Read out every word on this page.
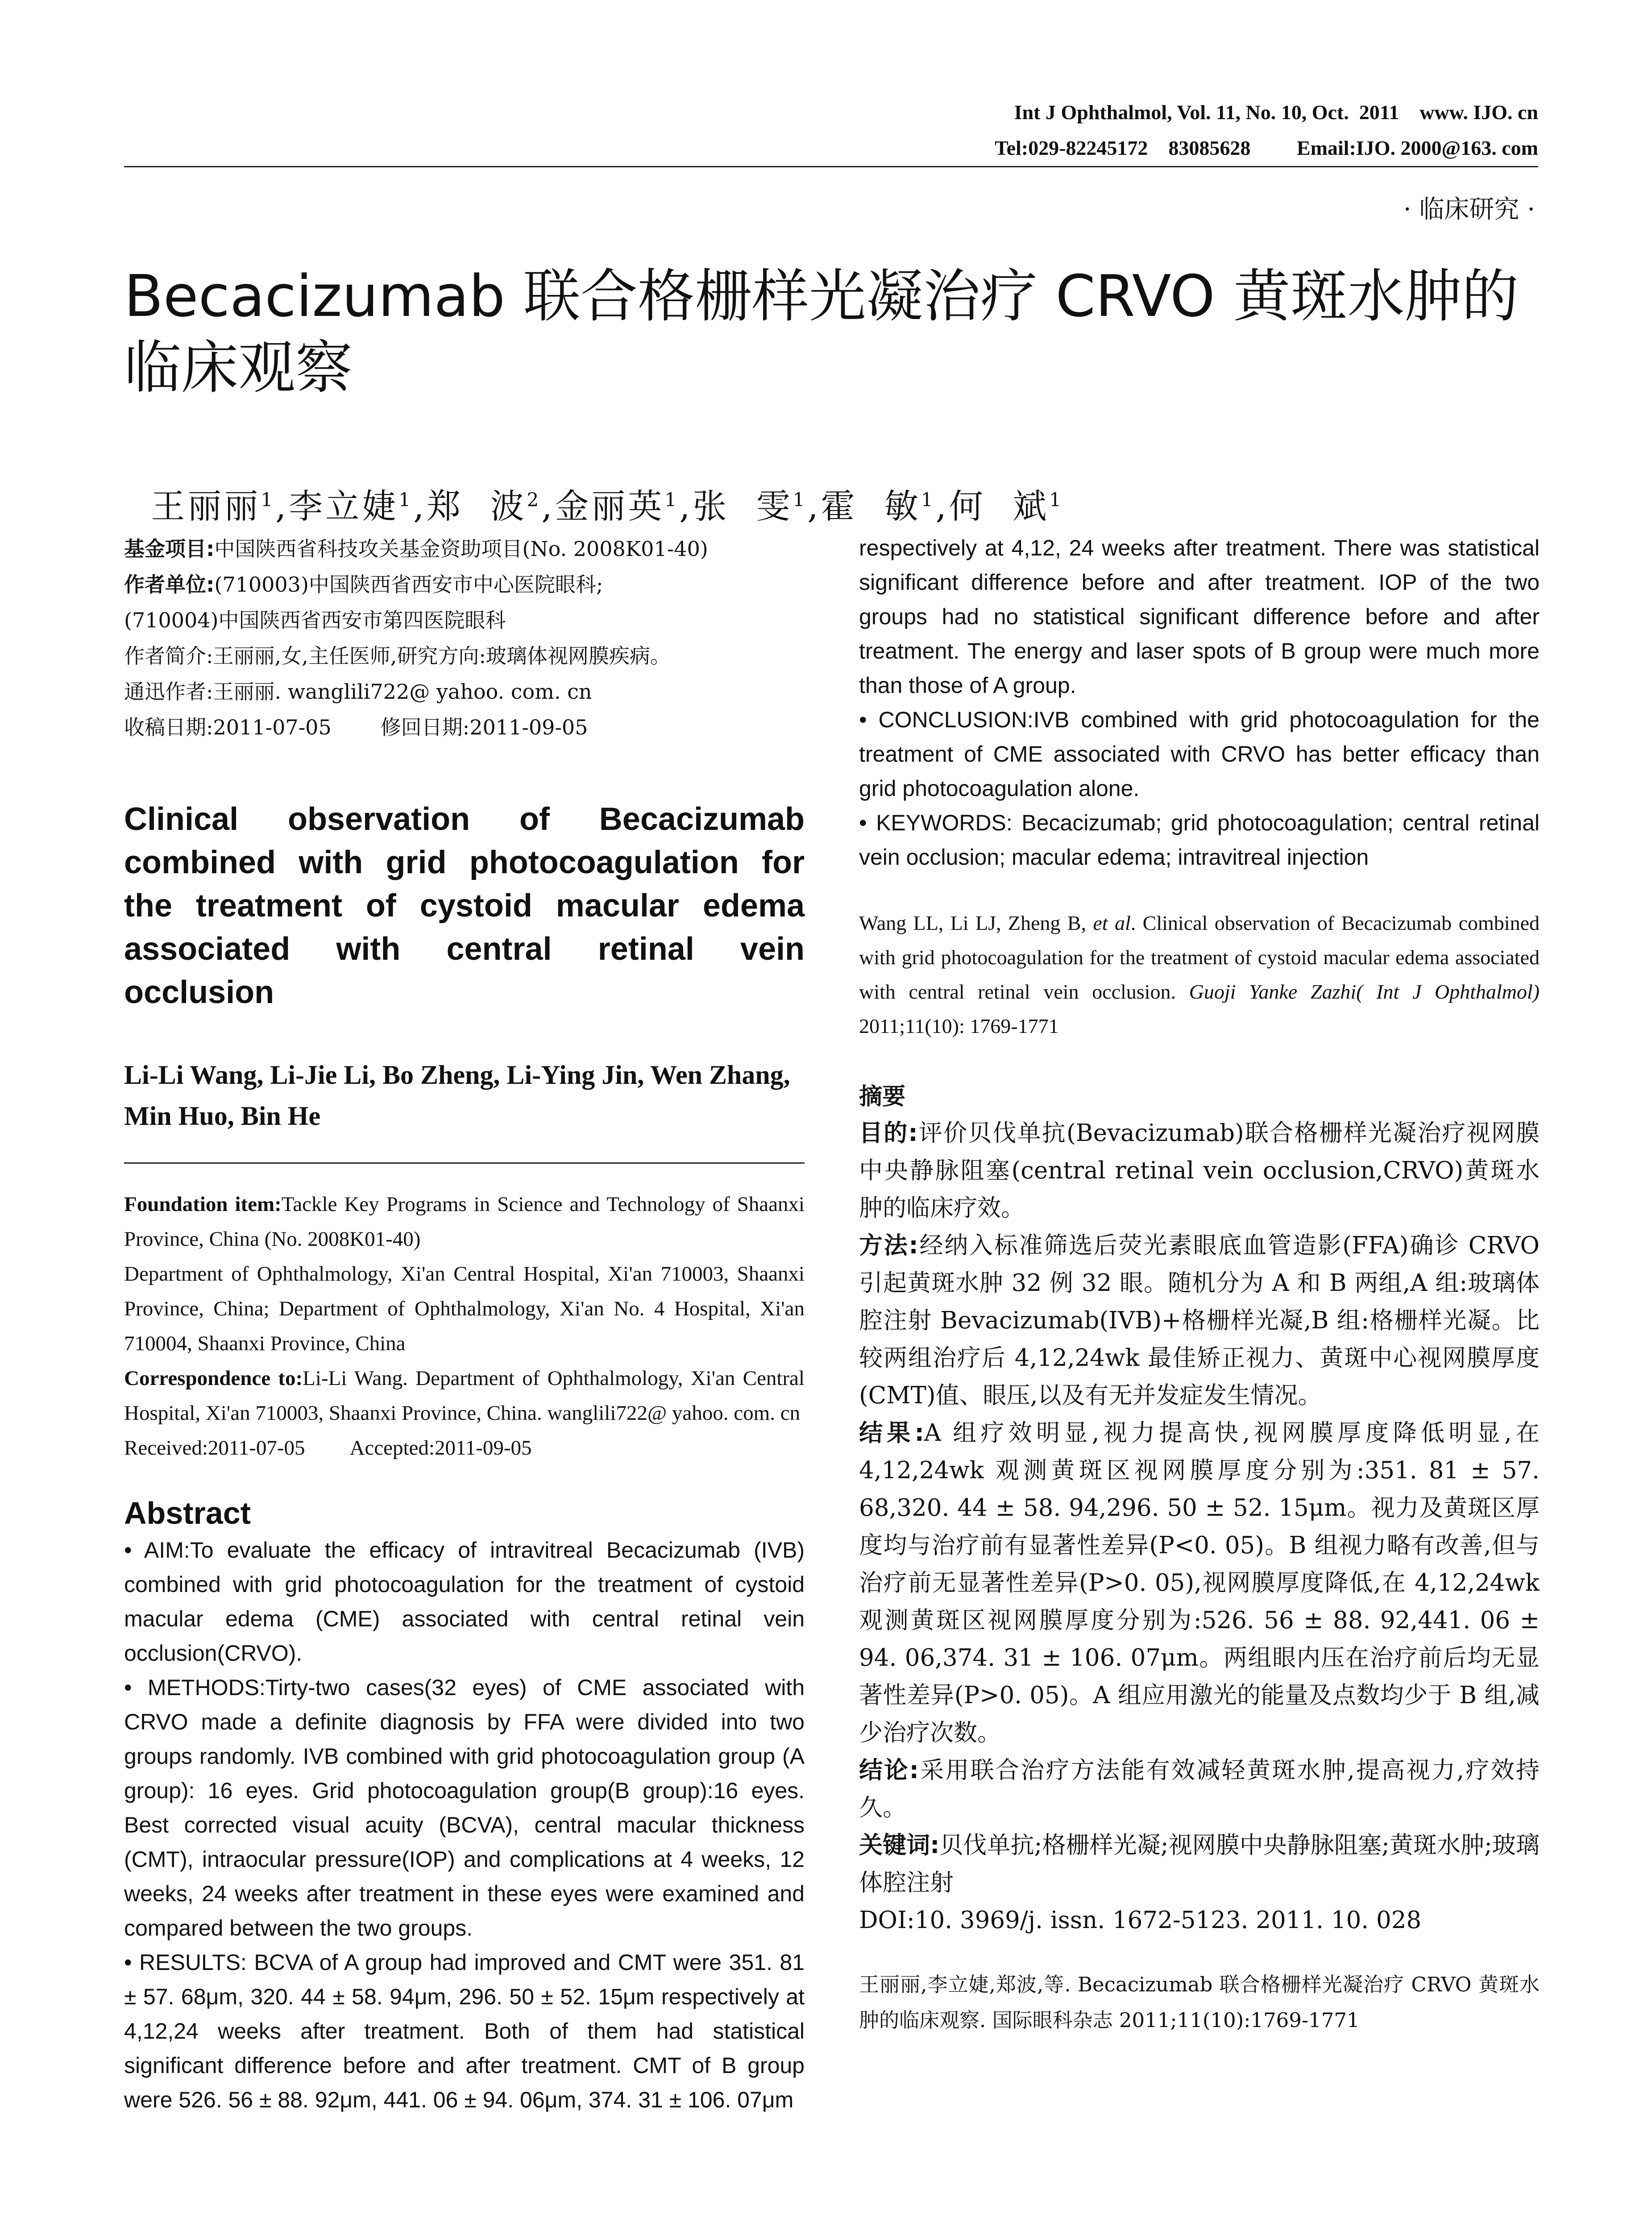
Int J Ophthalmol, Vol. 11, No. 10, Oct.  2011    www. IJO. cn
Tel:029-82245172    83085628         Email:IJO. 2000@163. com
· 临床研究 ·
Becacizumab 联合格栅样光凝治疗 CRVO 黄斑水肿的临床观察

王丽丽$^1$,李立婕$^1$,郑  波$^2$,金丽英$^1$,张  雯$^1$,霍  敏$^1$,何  斌$^1$

基金项目:中国陕西省科技攻关基金资助项目(No. 2008K01-40)

作者单位:(710003)中国陕西省西安市中心医院眼科;

(710004)中国陕西省西安市第四医院眼科

作者简介:王丽丽,女,主任医师,研究方向:玻璃体视网膜疾病。

通迅作者:王丽丽. wanglili722@ yahoo. com. cn

收稿日期:2011-07-05 修回日期:2011-09-05

Clinical observation of Becacizumab combined with grid photocoagulation for the treatment of cystoid macular edema associated with central retinal vein occlusion
Li-Li Wang, Li-Jie Li, Bo Zheng, Li-Ying Jin, Wen Zhang, Min Huo, Bin He

Foundation item:Tackle Key Programs in Science and Technology of Shaanxi Province, China (No. 2008K01-40)

Department of Ophthalmology, Xi'an Central Hospital, Xi'an 710003, Shaanxi Province, China; Department of Ophthalmology, Xi'an No. 4 Hospital, Xi'an 710004, Shaanxi Province, China

Correspondence to:Li-Li Wang. Department of Ophthalmology, Xi'an Central Hospital, Xi'an 710003, Shaanxi Province, China. wanglili722@ yahoo. com. cn

Received:2011-07-05 Accepted:2011-09-05

Abstract

• AIM:To evaluate the efficacy of intravitreal Becacizumab (IVB) combined with grid photocoagulation for the treatment of cystoid macular edema (CME) associated with central retinal vein occlusion(CRVO).

• METHODS:Tirty-two cases(32 eyes) of CME associated with CRVO made a definite diagnosis by FFA were divided into two groups randomly. IVB combined with grid photocoagulation group (A group): 16 eyes. Grid photocoagulation group(B group):16 eyes. Best corrected visual acuity (BCVA), central macular thickness (CMT), intraocular pressure(IOP) and complications at 4 weeks, 12 weeks, 24 weeks after treatment in these eyes were examined and compared between the two groups.

• RESULTS: BCVA of A group had improved and CMT were 351. 81 ± 57. 68μm, 320. 44 ± 58. 94μm, 296. 50 ± 52. 15μm respectively at 4,12,24 weeks after treatment. Both of them had statistical significant difference before and after treatment. CMT of B group were 526. 56 ± 88. 92μm, 441. 06 ± 94. 06μm, 374. 31 ± 106. 07μm

respectively at 4,12, 24 weeks after treatment. There was statistical significant difference before and after treatment. IOP of the two groups had no statistical significant difference before and after treatment. The energy and laser spots of B group were much more than those of A group.

• CONCLUSION:IVB combined with grid photocoagulation for the treatment of CME associated with CRVO has better efficacy than grid photocoagulation alone.

• KEYWORDS: Becacizumab; grid photocoagulation; central retinal vein occlusion; macular edema; intravitreal injection

Wang LL, Li LJ, Zheng B, et al. Clinical observation of Becacizumab combined with grid photocoagulation for the treatment of cystoid macular edema associated with central retinal vein occlusion. Guoji Yanke Zazhi( Int J Ophthalmol) 2011;11(10): 1769-1771
摘要

目的:评价贝伐单抗(Bevacizumab)联合格栅样光凝治疗视网膜中央静脉阻塞(central retinal vein occlusion,CRVO)黄斑水肿的临床疗效。

方法:经纳入标准筛选后荧光素眼底血管造影(FFA)确诊 CRVO 引起黄斑水肿 32 例 32 眼。随机分为 A 和 B 两组,A 组:玻璃体腔注射 Bevacizumab(IVB)+格栅样光凝,B 组:格栅样光凝。比较两组治疗后 4,12,24wk 最佳矫正视力、黄斑中心视网膜厚度(CMT)值、眼压,以及有无并发症发生情况。

结果:A 组疗效明显,视力提高快,视网膜厚度降低明显,在 4,12,24wk 观测黄斑区视网膜厚度分别为:351. 81 ± 57. 68,320. 44 ± 58. 94,296. 50 ± 52. 15μm。视力及黄斑区厚度均与治疗前有显著性差异(P<0. 05)。B 组视力略有改善,但与治疗前无显著性差异(P>0. 05),视网膜厚度降低,在 4,12,24wk 观测黄斑区视网膜厚度分别为:526. 56 ± 88. 92,441. 06 ± 94. 06,374. 31 ± 106. 07μm。两组眼内压在治疗前后均无显著性差异(P>0. 05)。A 组应用激光的能量及点数均少于 B 组,减少治疗次数。

结论:采用联合治疗方法能有效减轻黄斑水肿,提高视力,疗效持久。

关键词:贝伐单抗;格栅样光凝;视网膜中央静脉阻塞;黄斑水肿;玻璃体腔注射

DOI:10. 3969/j. issn. 1672-5123. 2011. 10. 028

王丽丽,李立婕,郑波,等. Becacizumab 联合格栅样光凝治疗 CRVO 黄斑水肿的临床观察. 国际眼科杂志 2011;11(10):1769-1771
